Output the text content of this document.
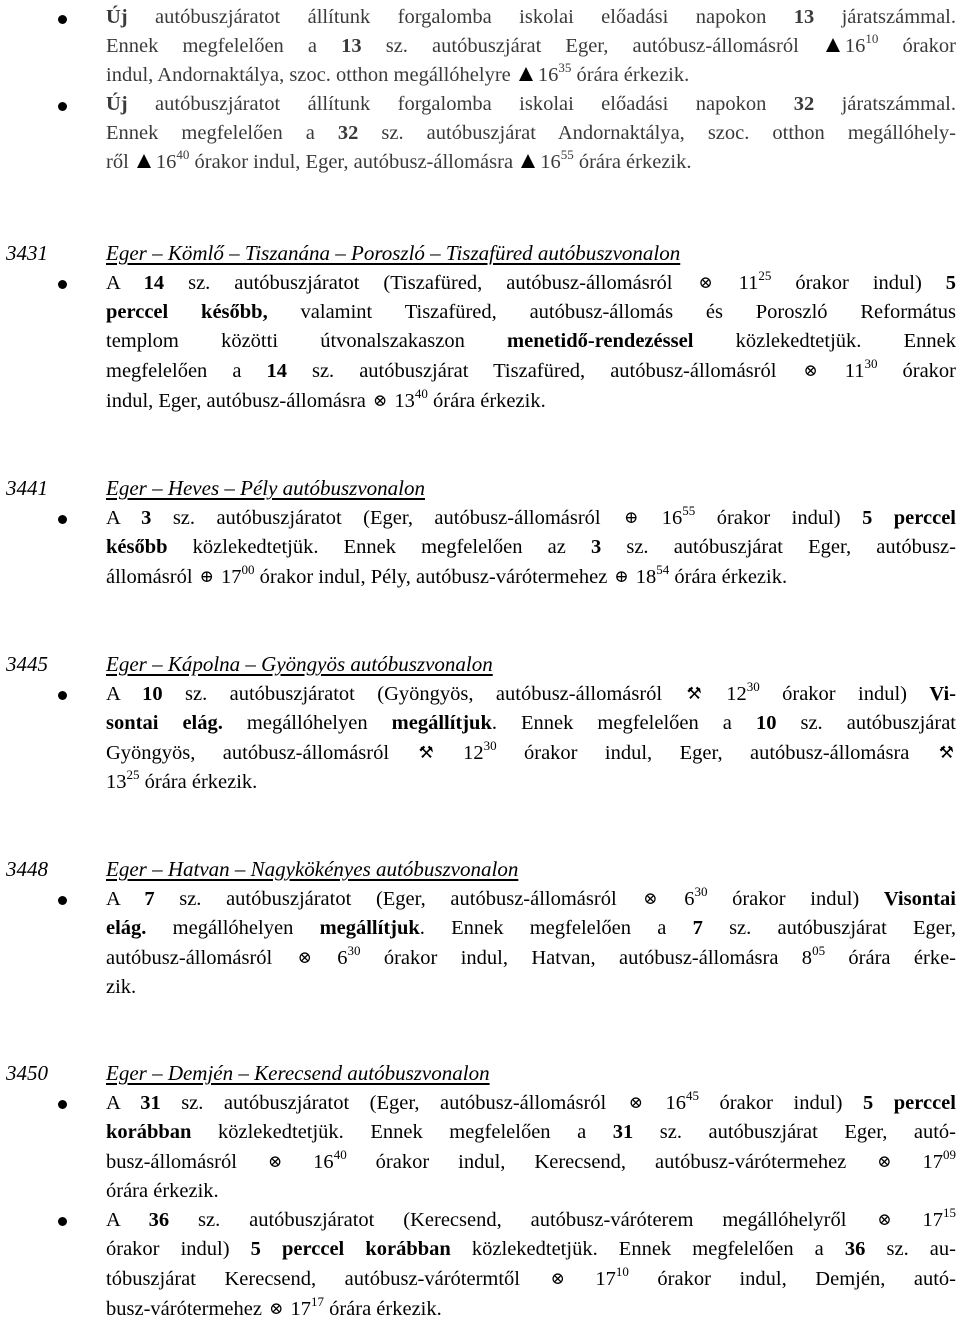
Új autóbuszjáratot állítunk forgalomba iskolai előadási napokon 13 járatszámmal.
Ennek megfelelően a 13 sz. autóbuszjárat Eger, autóbusz-állomásról $16^{10}$ órakor
indul, Andornaktálya, szoc. otthon megállóhelyre $16^{35}$ órára érkezik.
Új autóbuszjáratot állítunk forgalomba iskolai előadási napokon 32 járatszámmal.
Ennek megfelelően a 32 sz. autóbuszjárat Andornaktálya, szoc. otthon megállóhely-
ről $16^{40}$ órakor indul, Eger, autóbusz-állomásra $16^{55}$ órára érkezik.
3431	Eger – Kömlő – Tiszanána – Poroszló – Tiszafüred autóbuszvonalon
A 14 sz. autóbuszjáratot (Tiszafüred, autóbusz-állomásról ⊗ $11^{25}$ órakor indul) 5
perccel később, valamint Tiszafüred, autóbusz-állomás és Poroszló Református
templom közötti útvonalszakaszon menetidő-rendezéssel közlekedtetjük. Ennek
megfelelően a 14 sz. autóbuszjárat Tiszafüred, autóbusz-állomásról ⊗ $11^{30}$ órakor
indul, Eger, autóbusz-állomásra ⊗ $13^{40}$ órára érkezik.
3441	Eger – Heves – Pély autóbuszvonalon
A 3 sz. autóbuszjáratot (Eger, autóbusz-állomásról ⊕ $16^{55}$ órakor indul) 5 perccel
később közlekedtetjük. Ennek megfelelően az 3 sz. autóbuszjárat Eger, autóbusz-
állomásról ⊕ $17^{00}$ órakor indul, Pély, autóbusz-várótermehez ⊕ $18^{54}$ órára érkezik.
3445	Eger – Kápolna – Gyöngyös autóbuszvonalon
A 10 sz. autóbuszjáratot (Gyöngyös, autóbusz-állomásról ⚒ $12^{30}$ órakor indul) Vi-
sontai elág. megállóhelyen megállítjuk. Ennek megfelelően a 10 sz. autóbuszjárat
Gyöngyös, autóbusz-állomásról ⚒ $12^{30}$ órakor indul, Eger, autóbusz-állomásra ⚒
$13^{25}$ órára érkezik.
3448	Eger – Hatvan – Nagykökényes autóbuszvonalon
A 7 sz. autóbuszjáratot (Eger, autóbusz-állomásról ⊗ $6^{30}$ órakor indul) Visontai
elág. megállóhelyen megállítjuk. Ennek megfelelően a 7 sz. autóbuszjárat Eger,
autóbusz-állomásról ⊗ $6^{30}$ órakor indul, Hatvan, autóbusz-állomásra $8^{05}$ órára érke-
zik.
3450	Eger – Demjén – Kerecsend autóbuszvonalon
A 31 sz. autóbuszjáratot (Eger, autóbusz-állomásról ⊗ $16^{45}$ órakor indul) 5 perccel
korábban közlekedtetjük. Ennek megfelelően a 31 sz. autóbuszjárat Eger, autó-
busz-állomásról ⊗ $16^{40}$ órakor indul, Kerecsend, autóbusz-várótermehez ⊗ $17^{09}$
órára érkezik.
A 36 sz. autóbuszjáratot (Kerecsend, autóbusz-váróterem megállóhelyről ⊗ $17^{15}$
órakor indul) 5 perccel korábban közlekedtetjük. Ennek megfelelően a 36 sz. au-
tóbuszjárat Kerecsend, autóbusz-várótermtől ⊗ $17^{10}$ órakor indul, Demjén, autó-
busz-várótermehez ⊗ $17^{17}$ órára érkezik.
